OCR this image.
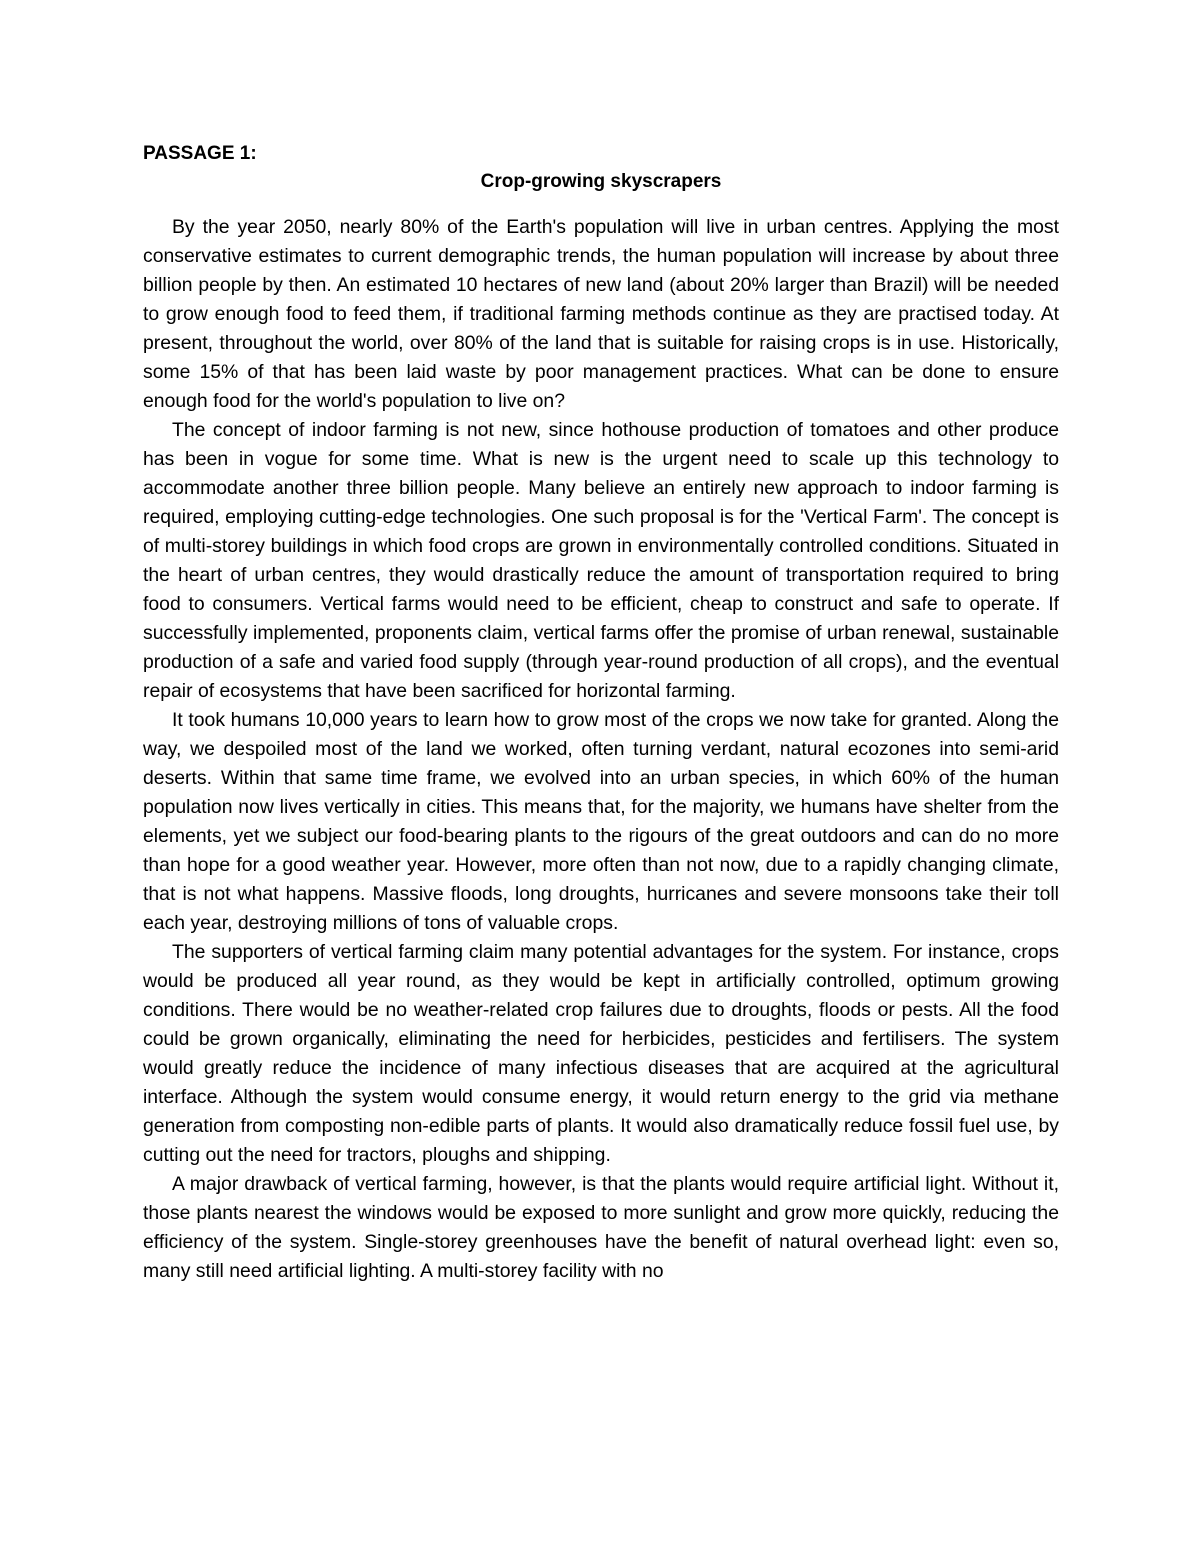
PASSAGE 1:

Crop-growing skyscrapers

By the year 2050, nearly 80% of the Earth's population will live in urban centres. Applying the most conservative estimates to current demographic trends, the human population will increase by about three billion people by then. An estimated 10 hectares of new land (about 20% larger than Brazil) will be needed to grow enough food to feed them, if traditional farming methods continue as they are practised today. At present, throughout the world, over 80% of the land that is suitable for raising crops is in use. Historically, some 15% of that has been laid waste by poor management practices. What can be done to ensure enough food for the world's population to live on?

The concept of indoor farming is not new, since hothouse production of tomatoes and other produce has been in vogue for some time. What is new is the urgent need to scale up this technology to accommodate another three billion people. Many believe an entirely new approach to indoor farming is required, employing cutting-edge technologies. One such proposal is for the 'Vertical Farm'. The concept is of multi-storey buildings in which food crops are grown in environmentally controlled conditions. Situated in the heart of urban centres, they would drastically reduce the amount of transportation required to bring food to consumers. Vertical farms would need to be efficient, cheap to construct and safe to operate. If successfully implemented, proponents claim, vertical farms offer the promise of urban renewal, sustainable production of a safe and varied food supply (through year-round production of all crops), and the eventual repair of ecosystems that have been sacrificed for horizontal farming.

It took humans 10,000 years to learn how to grow most of the crops we now take for granted. Along the way, we despoiled most of the land we worked, often turning verdant, natural ecozones into semi-arid deserts. Within that same time frame, we evolved into an urban species, in which 60% of the human population now lives vertically in cities. This means that, for the majority, we humans have shelter from the elements, yet we subject our food-bearing plants to the rigours of the great outdoors and can do no more than hope for a good weather year. However, more often than not now, due to a rapidly changing climate, that is not what happens. Massive floods, long droughts, hurricanes and severe monsoons take their toll each year, destroying millions of tons of valuable crops.

The supporters of vertical farming claim many potential advantages for the system. For instance, crops would be produced all year round, as they would be kept in artificially controlled, optimum growing conditions. There would be no weather-related crop failures due to droughts, floods or pests. All the food could be grown organically, eliminating the need for herbicides, pesticides and fertilisers. The system would greatly reduce the incidence of many infectious diseases that are acquired at the agricultural interface. Although the system would consume energy, it would return energy to the grid via methane generation from composting non-edible parts of plants. It would also dramatically reduce fossil fuel use, by cutting out the need for tractors, ploughs and shipping.

A major drawback of vertical farming, however, is that the plants would require artificial light. Without it, those plants nearest the windows would be exposed to more sunlight and grow more quickly, reducing the efficiency of the system. Single-storey greenhouses have the benefit of natural overhead light: even so, many still need artificial lighting. A multi-storey facility with no
